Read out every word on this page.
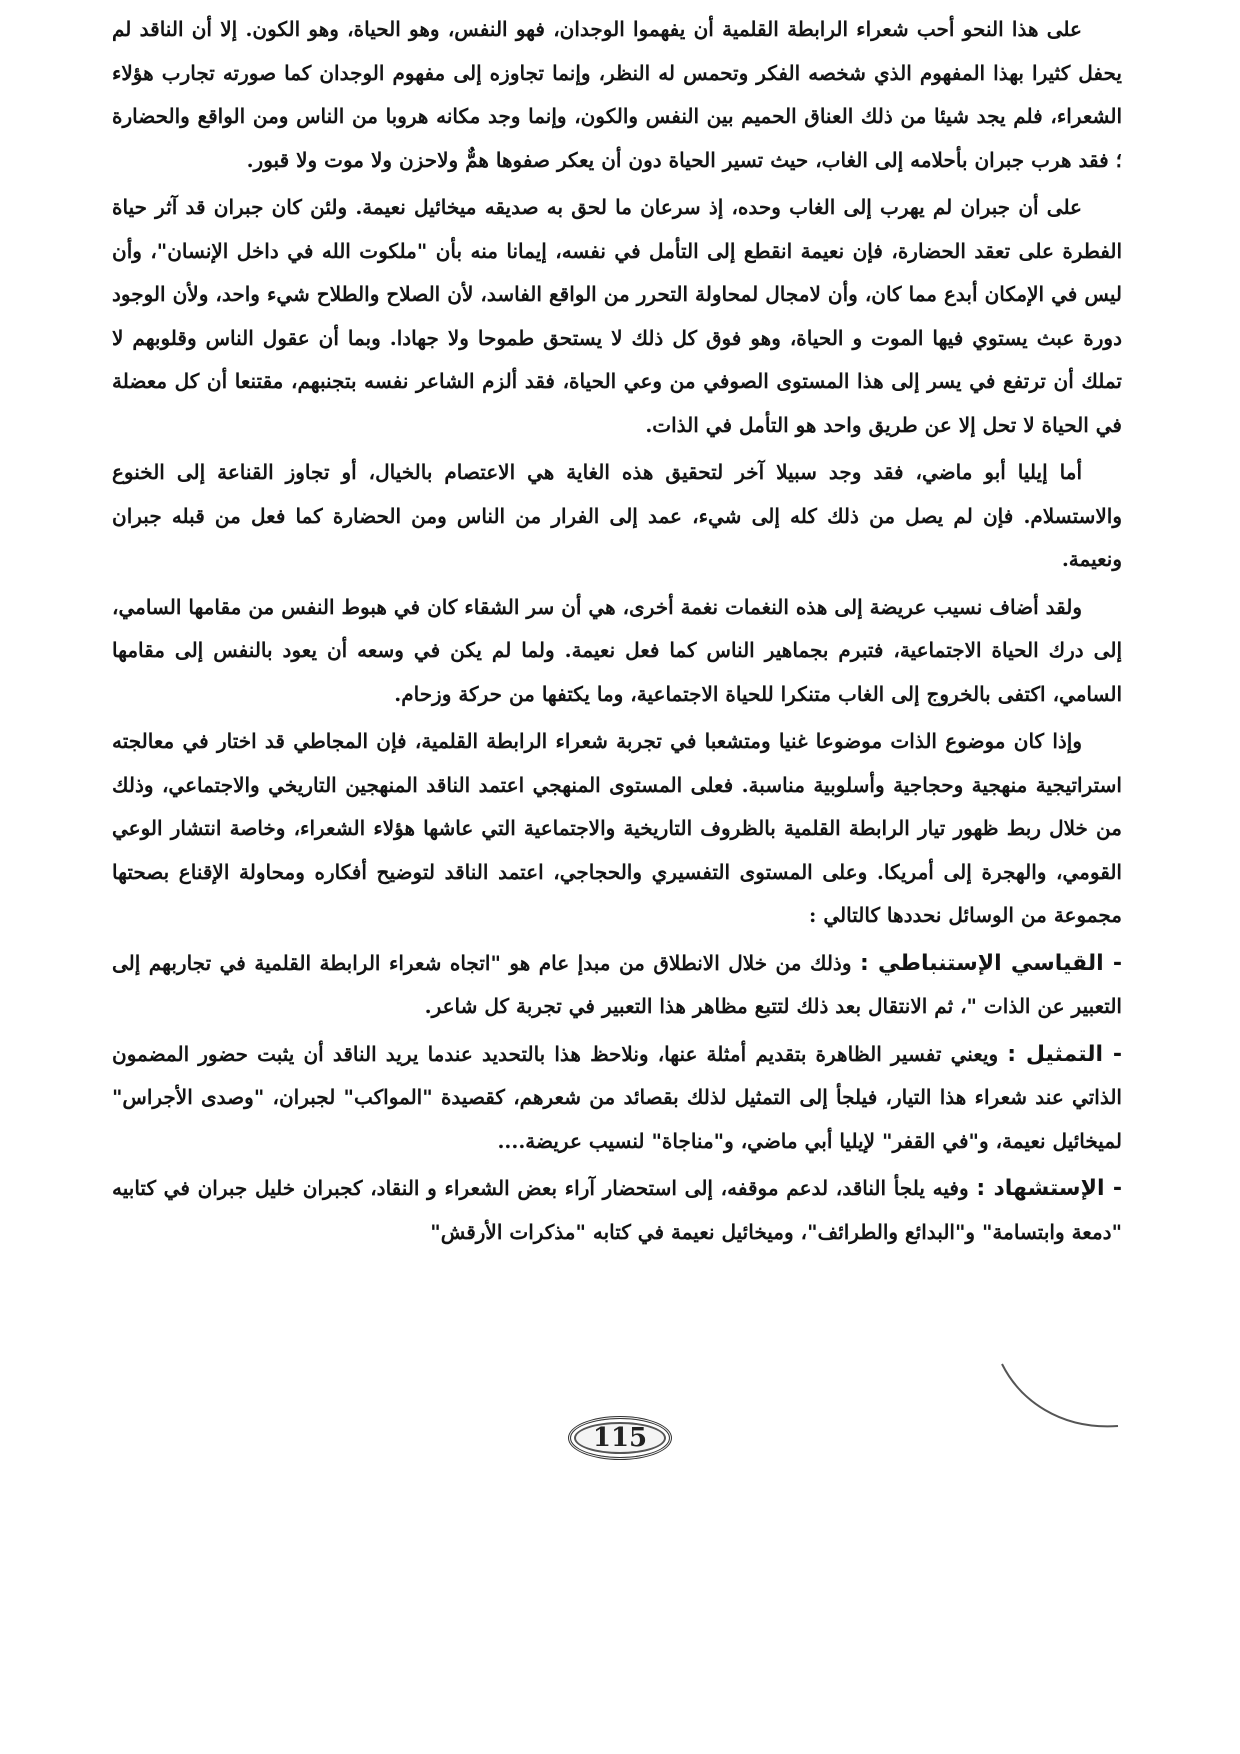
على هذا النحو أحب شعراء الرابطة القلمية أن يفهموا الوجدان، فهو النفس، وهو الحياة، وهو الكون. إلا أن الناقد لم يحفل كثيرا بهذا المفهوم الذي شخصه الفكر وتحمس له النظر، وإنما تجاوزه إلى مفهوم الوجدان كما صورته تجارب هؤلاء الشعراء، فلم يجد شيئا من ذلك العناق الحميم بين النفس والكون، وإنما وجد مكانه هروبا من الناس ومن الواقع والحضارة ؛ فقد هرب جبران بأحلامه إلى الغاب، حيث تسير الحياة دون أن يعكر صفوها همٌّ ولاحزن ولا موت ولا قبور.

على أن جبران لم يهرب إلى الغاب وحده، إذ سرعان ما لحق به صديقه ميخائيل نعيمة. ولئن كان جبران قد آثر حياة الفطرة على تعقد الحضارة، فإن نعيمة انقطع إلى التأمل في نفسه، إيمانا منه بأن "ملكوت الله في داخل الإنسان"، وأن ليس في الإمكان أبدع مما كان، وأن لامجال لمحاولة التحرر من الواقع الفاسد، لأن الصلاح والطلاح شيء واحد، ولأن الوجود دورة عبث يستوي فيها الموت و الحياة، وهو فوق كل ذلك لا يستحق طموحا ولا جهادا. وبما أن عقول الناس وقلوبهم لا تملك أن ترتفع في يسر إلى هذا المستوى الصوفي من وعي الحياة، فقد ألزم الشاعر نفسه بتجنبهم، مقتنعا أن كل معضلة في الحياة لا تحل إلا عن طريق واحد هو التأمل في الذات.

أما إيليا أبو ماضي، فقد وجد سبيلا آخر لتحقيق هذه الغاية هي الاعتصام بالخيال، أو تجاوز القناعة إلى الخنوع والاستسلام. فإن لم يصل من ذلك كله إلى شيء، عمد إلى الفرار من الناس ومن الحضارة كما فعل من قبله جبران ونعيمة.

ولقد أضاف نسيب عريضة إلى هذه النغمات نغمة أخرى، هي أن سر الشقاء كان في هبوط النفس من مقامها السامي، إلى درك الحياة الاجتماعية، فتبرم بجماهير الناس كما فعل نعيمة. ولما لم يكن في وسعه أن يعود بالنفس إلى مقامها السامي، اكتفى بالخروج إلى الغاب متنكرا للحياة الاجتماعية، وما يكتفها من حركة وزحام.

وإذا كان موضوع الذات موضوعا غنيا ومتشعبا في تجربة شعراء الرابطة القلمية، فإن المجاطي قد اختار في معالجته استراتيجية منهجية وحجاجية وأسلوبية مناسبة. فعلى المستوى المنهجي اعتمد الناقد المنهجين التاريخي والاجتماعي، وذلك من خلال ربط ظهور تيار الرابطة القلمية بالظروف التاريخية والاجتماعية التي عاشها هؤلاء الشعراء، وخاصة انتشار الوعي القومي، والهجرة إلى أمريكا. وعلى المستوى التفسيري والحجاجي، اعتمد الناقد لتوضيح أفكاره ومحاولة الإقناع بصحتها مجموعة من الوسائل نحددها كالتالي :

- القياسي الإستنباطي : وذلك من خلال الانطلاق من مبدإ عام هو "اتجاه شعراء الرابطة القلمية في تجاربهم إلى التعبير عن الذات "، ثم الانتقال بعد ذلك لتتبع مظاهر هذا التعبير في تجربة كل شاعر.

- التمثيل : ويعني تفسير الظاهرة بتقديم أمثلة عنها، ونلاحظ هذا بالتحديد عندما يريد الناقد أن يثبت حضور المضمون الذاتي عند شعراء هذا التيار، فيلجأ إلى التمثيل لذلك بقصائد من شعرهم، كقصيدة "المواكب" لجبران، "وصدى الأجراس" لميخائيل نعيمة، و"في القفر" لإيليا أبي ماضي، و"مناجاة" لنسيب عريضة....

- الإستشهاد : وفيه يلجأ الناقد، لدعم موقفه، إلى استحضار آراء بعض الشعراء و النقاد، كجبران خليل جبران في كتابيه "دمعة وابتسامة" و"البدائع والطرائف"، وميخائيل نعيمة في كتابه "مذكرات الأرقش"

115
